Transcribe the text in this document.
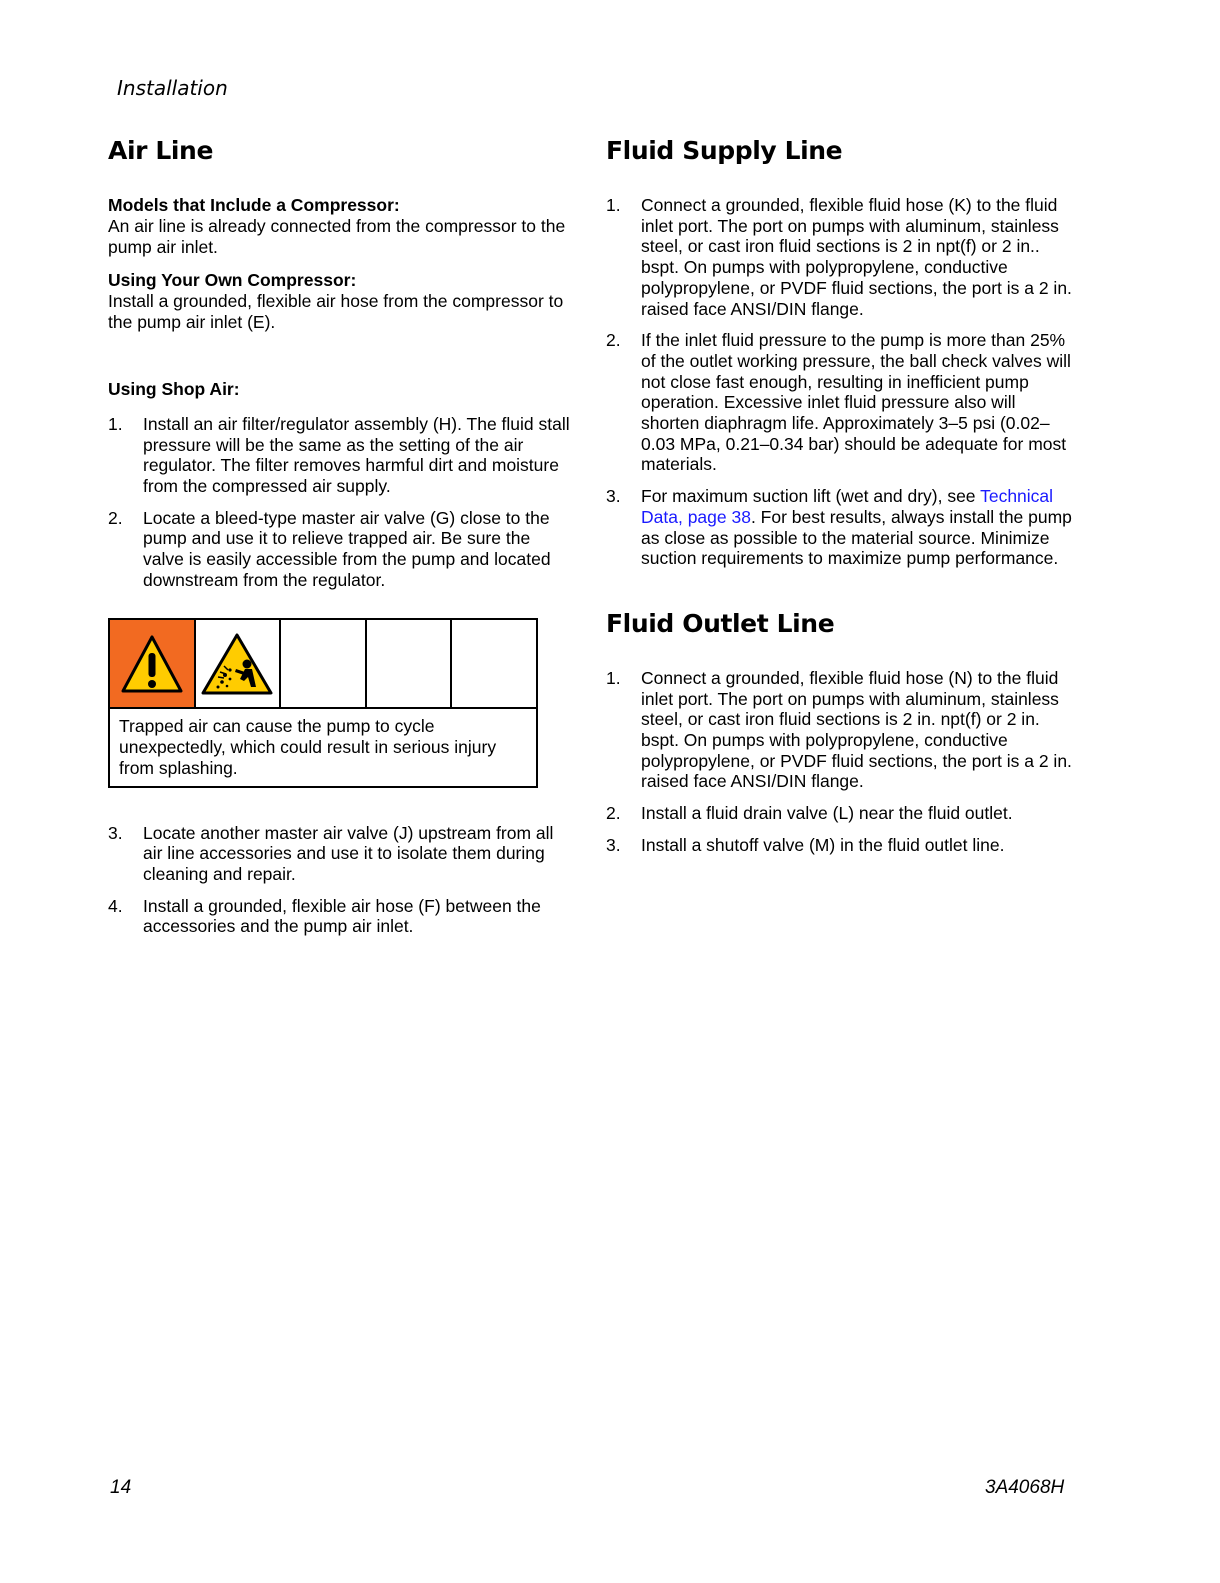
Installation
Air Line

Models that Include a Compressor:

An air line is already connected from the compressor to the pump air inlet.

Using Your Own Compressor:

Install a grounded, flexible air hose from the compressor to the pump air inlet (E).

Using Shop Air:

1.	Install an air filter/regulator assembly (H). The fluid stall pressure will be the same as the setting of the air regulator. The filter removes harmful dirt and moisture from the compressed air supply.
2.	Locate a bleed-type master air valve (G) close to the pump and use it to relieve trapped air. Be sure the valve is easily accessible from the pump and located downstream from the regulator.
Trapped air can cause the pump to cycle unexpectedly, which could result in serious injury from splashing.
3.	Locate another master air valve (J) upstream from all air line accessories and use it to isolate them during cleaning and repair.
4.	Install a grounded, flexible air hose (F) between the accessories and the pump air inlet.
Fluid Supply Line
1.	Connect a grounded, flexible fluid hose (K) to the fluid inlet port. The port on pumps with aluminum, stainless steel, or cast iron fluid sections is 2 in npt(f) or 2 in.. bspt. On pumps with polypropylene, conductive polypropylene, or PVDF fluid sections, the port is a 2 in. raised face ANSI/DIN flange.
2.	If the inlet fluid pressure to the pump is more than 25% of the outlet working pressure, the ball check valves will not close fast enough, resulting in inefficient pump operation. Excessive inlet fluid pressure also will shorten diaphragm life. Approximately 3–5 psi (0.02–0.03 MPa, 0.21–0.34 bar) should be adequate for most materials.
3.	For maximum suction lift (wet and dry), see Technical Data, page 38. For best results, always install the pump as close as possible to the material source. Minimize suction requirements to maximize pump performance.
Fluid Outlet Line
1.	Connect a grounded, flexible fluid hose (N) to the fluid inlet port. The port on pumps with aluminum, stainless steel, or cast iron fluid sections is 2 in. npt(f) or 2 in. bspt. On pumps with polypropylene, conductive polypropylene, or PVDF fluid sections, the port is a 2 in. raised face ANSI/DIN flange.
2.	Install a fluid drain valve (L) near the fluid outlet.
3.	Install a shutoff valve (M) in the fluid outlet line.
14	3A4068H
